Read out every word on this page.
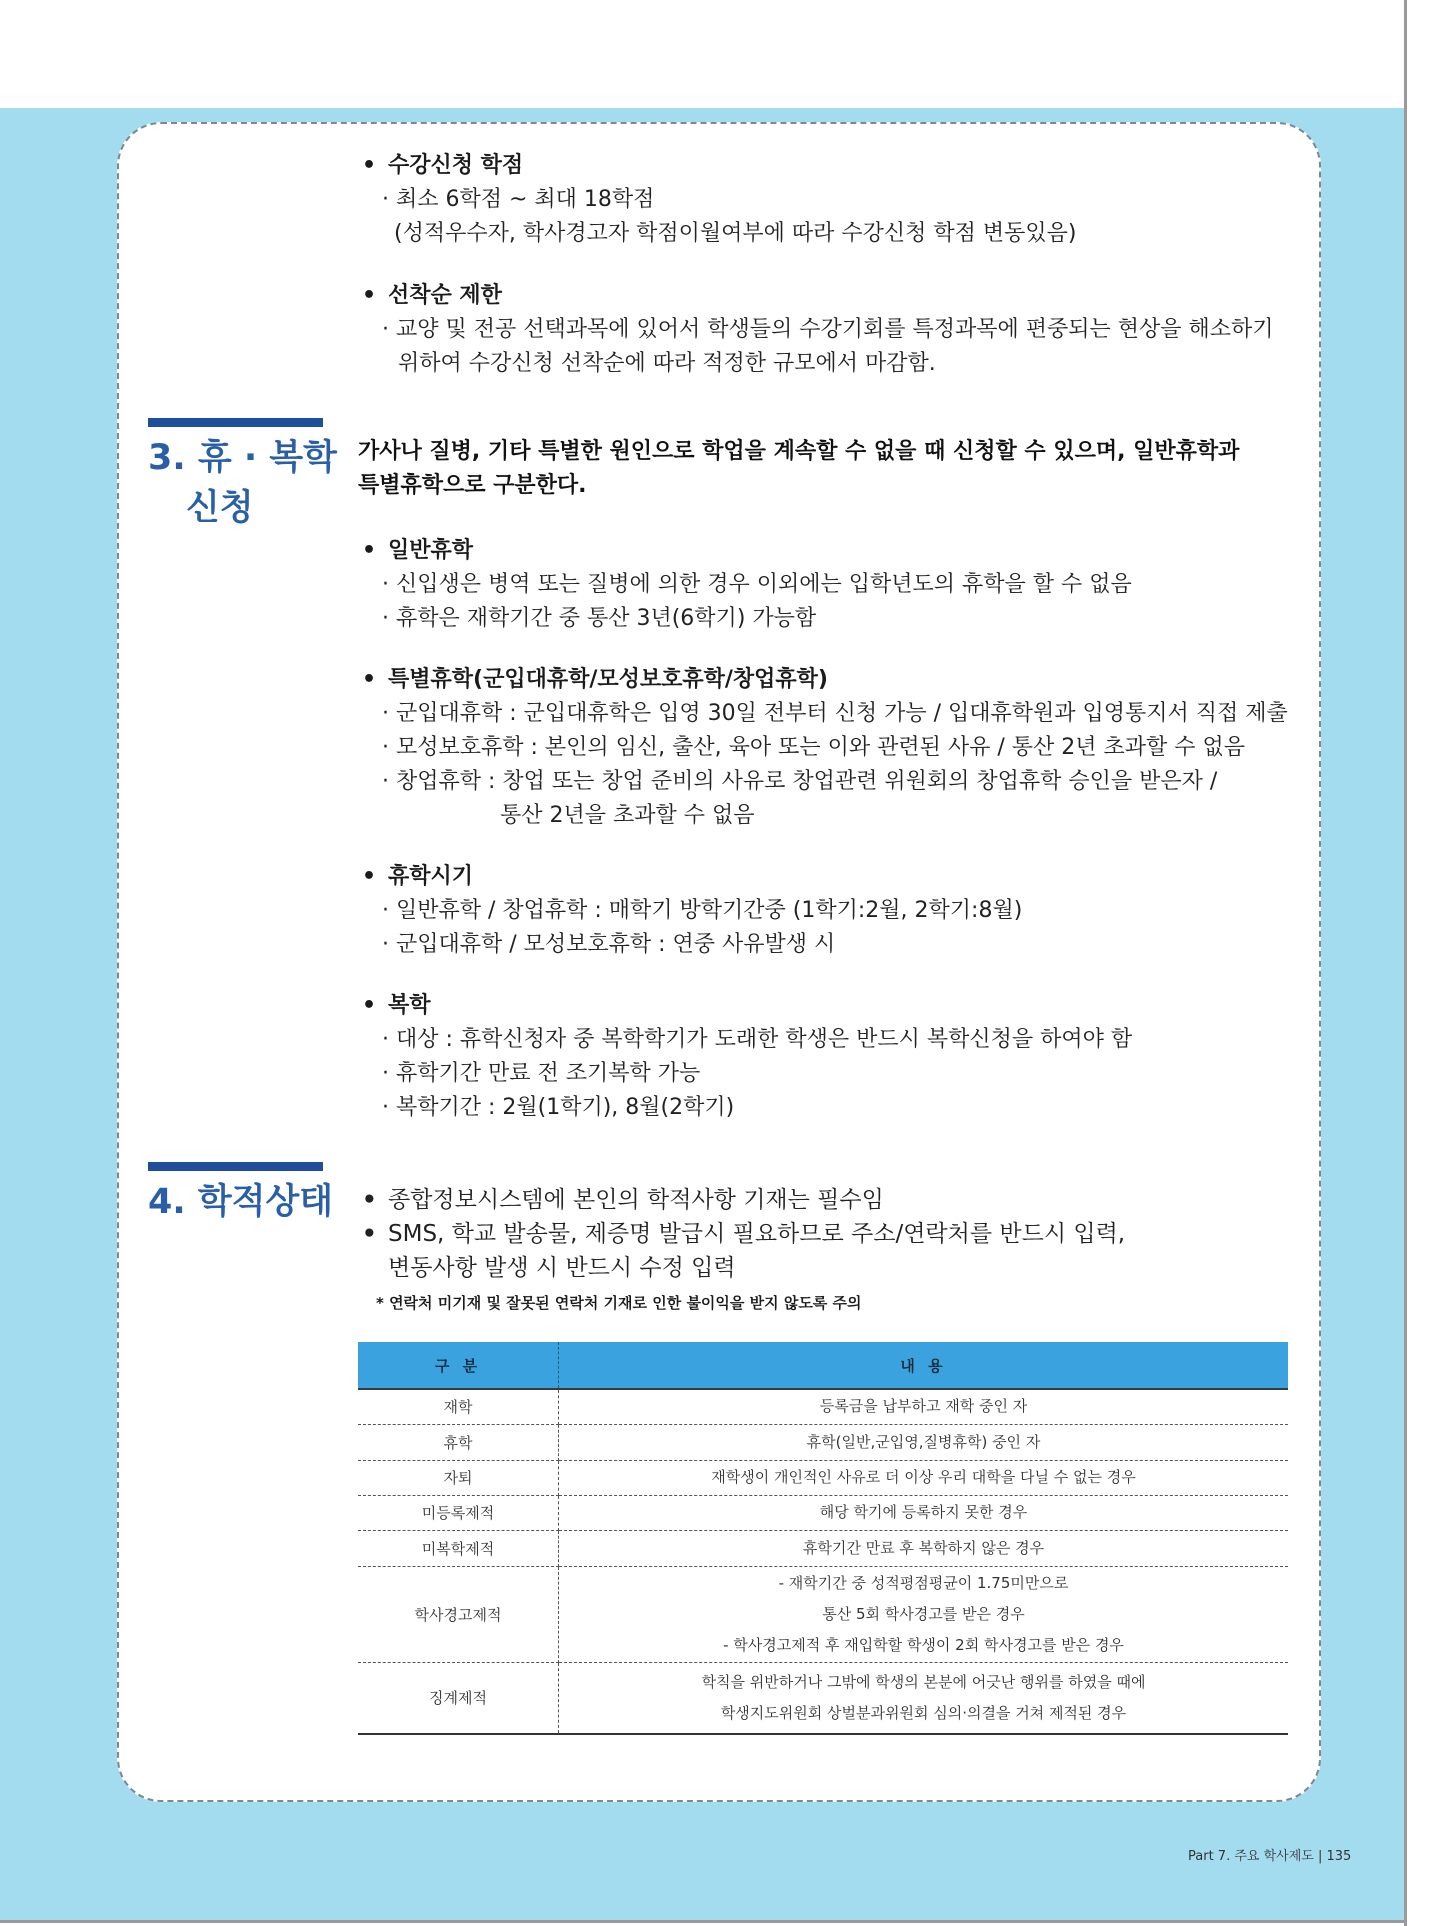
• 수강신청 학점
· 최소 6학점 ~ 최대 18학점
(성적우수자, 학사경고자 학점이월여부에 따라 수강신청 학점 변동있음)
• 선착순 제한
· 교양 및 전공 선택과목에 있어서 학생들의 수강기회를 특정과목에 편중되는 현상을 해소하기
위하여 수강신청 선착순에 따라 적정한 규모에서 마감함.
3. 휴 · 복학
신청
가사나 질병, 기타 특별한 원인으로 학업을 계속할 수 없을 때 신청할 수 있으며, 일반휴학과
특별휴학으로 구분한다.
• 일반휴학
· 신입생은 병역 또는 질병에 의한 경우 이외에는 입학년도의 휴학을 할 수 없음
· 휴학은 재학기간 중 통산 3년(6학기) 가능함
• 특별휴학(군입대휴학/모성보호휴학/창업휴학)
· 군입대휴학 : 군입대휴학은 입영 30일 전부터 신청 가능 / 입대휴학원과 입영통지서 직접 제출
· 모성보호휴학 : 본인의 임신, 출산, 육아 또는 이와 관련된 사유 / 통산 2년 초과할 수 없음
· 창업휴학 : 창업 또는 창업 준비의 사유로 창업관련 위원회의 창업휴학 승인을 받은자 /
통산 2년을 초과할 수 없음
• 휴학시기
· 일반휴학 / 창업휴학 : 매학기 방학기간중 (1학기:2월, 2학기:8월)
· 군입대휴학 / 모성보호휴학 : 연중 사유발생 시
• 복학
· 대상 : 휴학신청자 중 복학학기가 도래한 학생은 반드시 복학신청을 하여야 함
· 휴학기간 만료 전 조기복학 가능
· 복학기간 : 2월(1학기), 8월(2학기)
4. 학적상태 • 종합정보시스템에 본인의 학적사항 기재는 필수임
• SMS, 학교 발송물, 제증명 발급시 필요하므로 주소/연락처를 반드시 입력,
변동사항 발생 시 반드시 수정 입력
* 연락처 미기재 및 잘못된 연락처 기재로 인한 불이익을 받지 않도록 주의
구 분	내 용
재학	등록금을 납부하고 재학 중인 자

휴학	휴학(일반,군입영,질병휴학) 중인 자

자퇴	재학생이 개인적인 사유로 더 이상 우리 대학을 다닐 수 없는 경우

미등록제적	해당 학기에 등록하지 못한 경우

미복학제적	휴학기간 만료 후 복학하지 않은 경우

학사경고제적	- 재학기간 중 성적평점평균이 1.75미만으로
통산 5회 학사경고를 받은 경우
- 학사경고제적 후 재입학할 학생이 2회 학사경고를 받은 경우

징계제적	학칙을 위반하거나 그밖에 학생의 본분에 어긋난 행위를 하였을 때에
학생지도위원회 상벌분과위원회 심의·의결을 거쳐 제적된 경우
Part 7. 주요 학사제도 | 135
